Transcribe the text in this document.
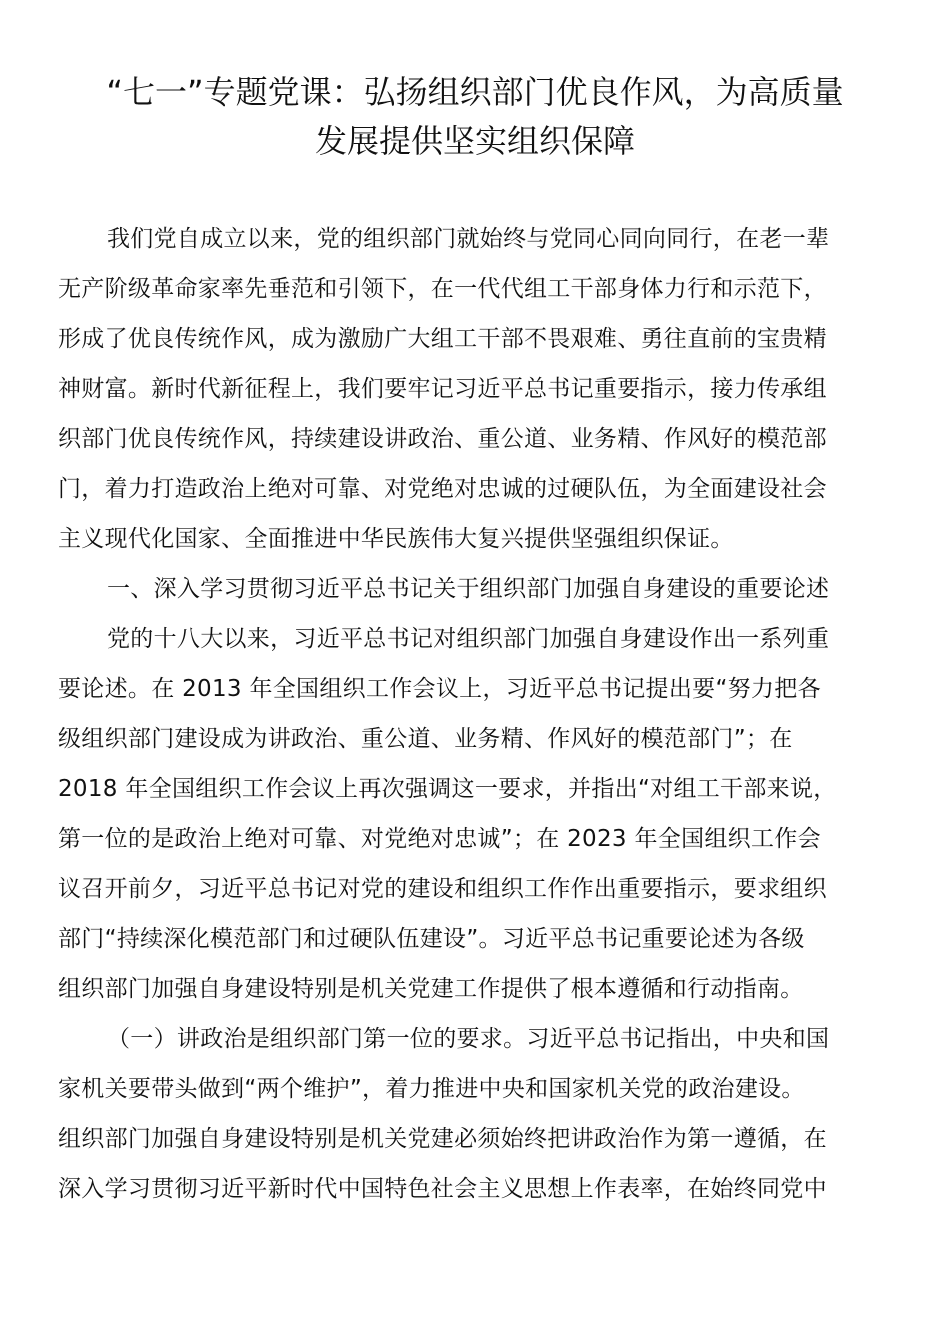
“七一”专题党课：弘扬组织部门优良作风，为高质量
发展提供坚实组织保障
我们党自成立以来，党的组织部门就始终与党同心同向同行，在老一辈
无产阶级革命家率先垂范和引领下，在一代代组工干部身体力行和示范下，
形成了优良传统作风，成为激励广大组工干部不畏艰难、勇往直前的宝贵精
神财富。新时代新征程上，我们要牢记习近平总书记重要指示，接力传承组
织部门优良传统作风，持续建设讲政治、重公道、业务精、作风好的模范部
门，着力打造政治上绝对可靠、对党绝对忠诚的过硬队伍，为全面建设社会
主义现代化国家、全面推进中华民族伟大复兴提供坚强组织保证。
一、深入学习贯彻习近平总书记关于组织部门加强自身建设的重要论述
党的十八大以来，习近平总书记对组织部门加强自身建设作出一系列重
要论述。在 2013 年全国组织工作会议上，习近平总书记提出要“努力把各
级组织部门建设成为讲政治、重公道、业务精、作风好的模范部门”；在
2018 年全国组织工作会议上再次强调这一要求，并指出“对组工干部来说，
第一位的是政治上绝对可靠、对党绝对忠诚”；在 2023 年全国组织工作会
议召开前夕，习近平总书记对党的建设和组织工作作出重要指示，要求组织
部门“持续深化模范部门和过硬队伍建设”。习近平总书记重要论述为各级
组织部门加强自身建设特别是机关党建工作提供了根本遵循和行动指南。
（一）讲政治是组织部门第一位的要求。习近平总书记指出，中央和国
家机关要带头做到“两个维护”，着力推进中央和国家机关党的政治建设。
组织部门加强自身建设特别是机关党建必须始终把讲政治作为第一遵循，在
深入学习贯彻习近平新时代中国特色社会主义思想上作表率，在始终同党中
